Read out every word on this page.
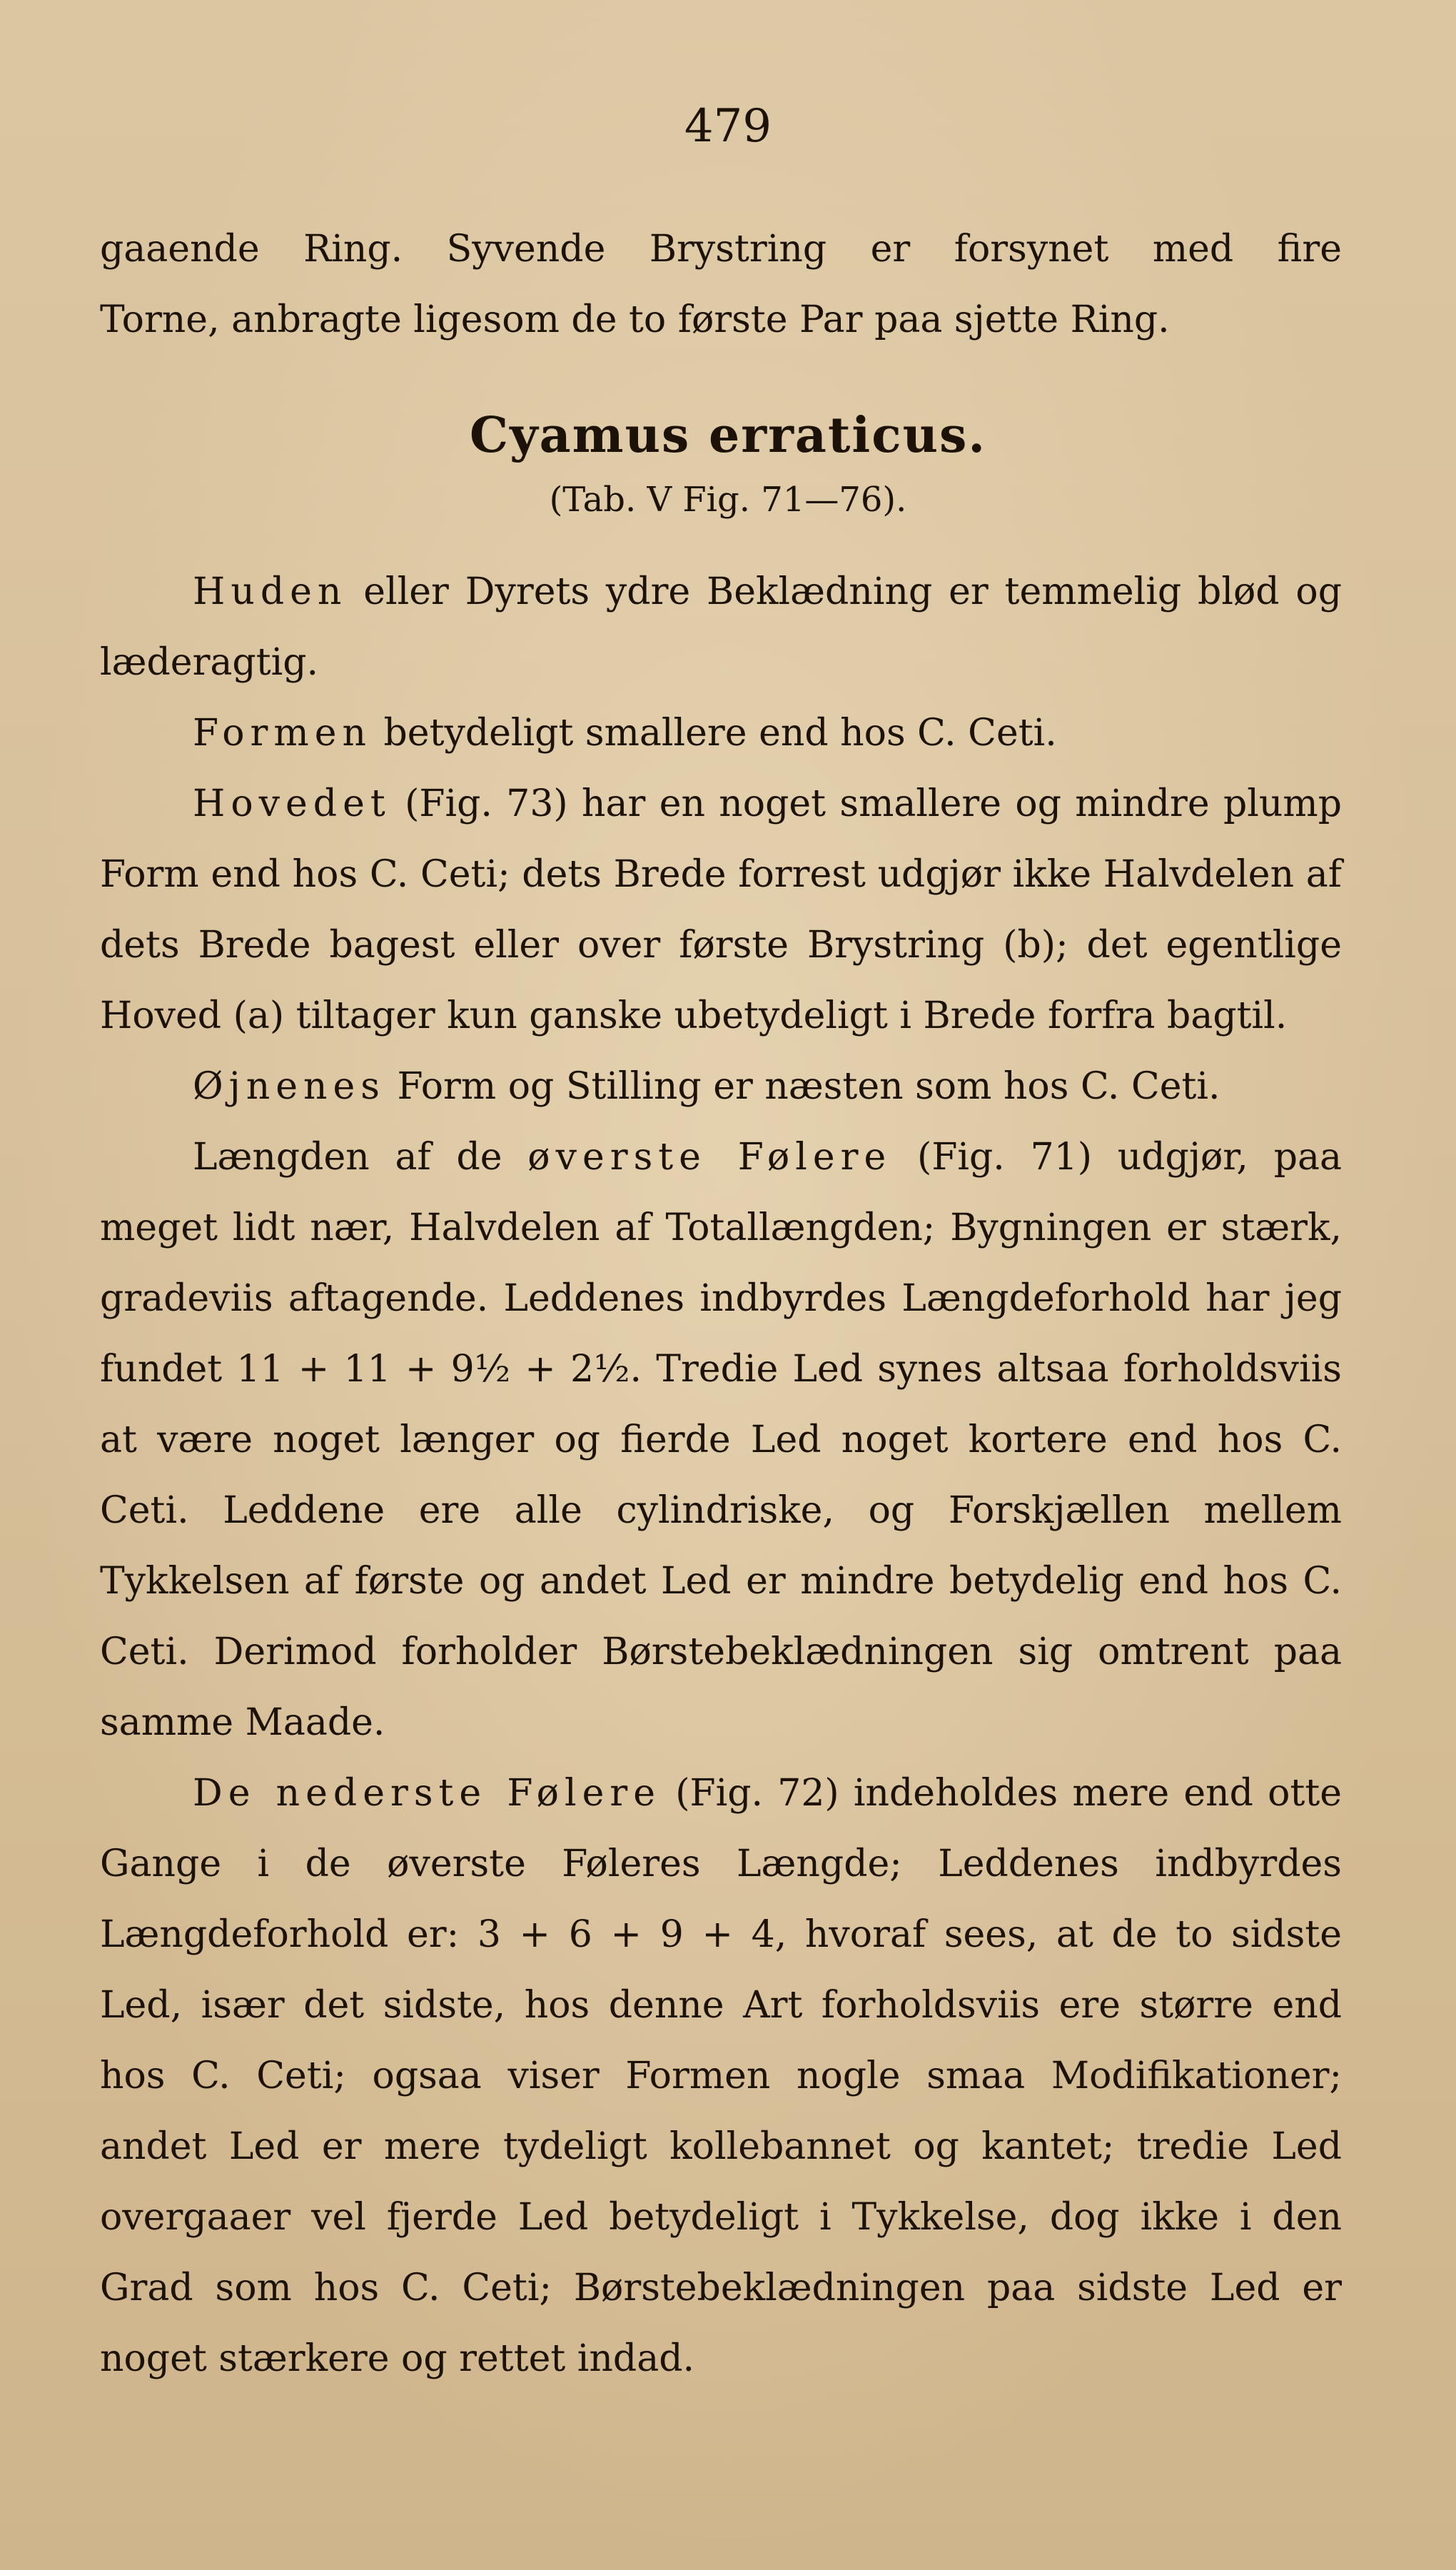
479

gaaende Ring. Syvende Brystring er forsynet med fire

Torne, anbragte ligesom de to første Par paa sjette Ring.

Cyamus erraticus.
(Tab. V Fig. 71—76).

Huden eller Dyrets ydre Beklædning er temmelig blød og læderagtig.

Formen betydeligt smallere end hos C. Ceti.

Hovedet (Fig. 73) har en noget smallere og mindre plump Form end hos C. Ceti; dets Brede forrest udgjør ikke Halvdelen af dets Brede bagest eller over første Brystring (b); det egentlige Hoved (a) tiltager kun ganske ubetydeligt i Brede forfra bagtil.

Øjnenes Form og Stilling er næsten som hos C. Ceti.

Længden af de øverste Følere (Fig. 71) udgjør, paa meget lidt nær, Halvdelen af Totallængden; Bygningen er stærk, gradeviis aftagende. Leddenes indbyrdes Længdeforhold har jeg fundet 11 + 11 + 9½ + 2½. Tredie Led synes altsaa forholdsviis at være noget længer og fierde Led noget kortere end hos C. Ceti. Leddene ere alle cylindriske, og Forskjællen mellem Tykkelsen af første og andet Led er mindre betydelig end hos C. Ceti. Derimod forholder Børstebeklædningen sig omtrent paa samme Maade.

De nederste Følere (Fig. 72) indeholdes mere end otte Gange i de øverste Føleres Længde; Leddenes indbyrdes Længdeforhold er: 3 + 6 + 9 + 4, hvoraf sees, at de to sidste Led, især det sidste, hos denne Art forholdsviis ere større end hos C. Ceti; ogsaa viser Formen nogle smaa Modifikationer; andet Led er mere tydeligt kollebannet og kantet; tredie Led overgaaer vel fjerde Led betydeligt i Tykkelse, dog ikke i den Grad som hos C. Ceti; Børstebeklædningen paa sidste Led er noget stærkere og rettet indad.
